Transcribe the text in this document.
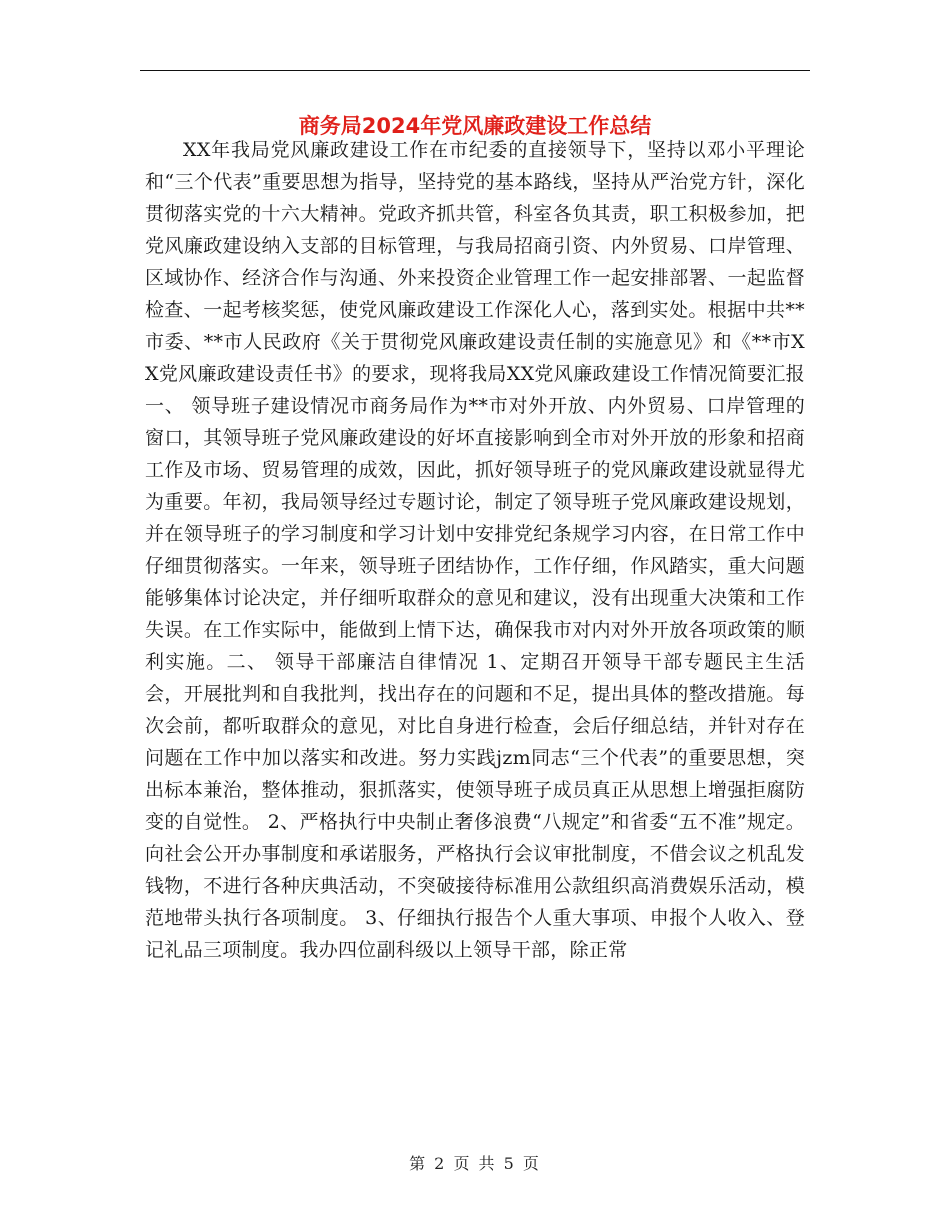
商务局2024年党风廉政建设工作总结

XX年我局党风廉政建设工作在市纪委的直接领导下，坚持以邓小平理论和“三个代表”重要思想为指导，坚持党的基本路线，坚持从严治党方针，深化贯彻落实党的十六大精神。党政齐抓共管，科室各负其责，职工积极参加，把党风廉政建设纳入支部的目标管理，与我局招商引资、内外贸易、口岸管理、区域协作、经济合作与沟通、外来投资企业管理工作一起安排部署、一起监督检查、一起考核奖惩，使党风廉政建设工作深化人心，落到实处。根据中共**市委、**市人民政府《关于贯彻党风廉政建设责任制的实施意见》和《**市XX党风廉政建设责任书》的要求，现将我局XX党风廉政建设工作情况简要汇报一、 领导班子建设情况市商务局作为**市对外开放、内外贸易、口岸管理的窗口，其领导班子党风廉政建设的好坏直接影响到全市对外开放的形象和招商工作及市场、贸易管理的成效，因此，抓好领导班子的党风廉政建设就显得尤为重要。年初，我局领导经过专题讨论，制定了领导班子党风廉政建设规划，并在领导班子的学习制度和学习计划中安排党纪条规学习内容，在日常工作中仔细贯彻落实。一年来，领导班子团结协作，工作仔细，作风踏实，重大问题能够集体讨论决定，并仔细听取群众的意见和建议，没有出现重大决策和工作失误。在工作实际中，能做到上情下达，确保我市对内对外开放各项政策的顺利实施。二、 领导干部廉洁自律情况 1、定期召开领导干部专题民主生活会，开展批判和自我批判，找出存在的问题和不足，提出具体的整改措施。每次会前，都听取群众的意见，对比自身进行检查，会后仔细总结，并针对存在问题在工作中加以落实和改进。努力实践jzm同志“三个代表”的重要思想，突出标本兼治，整体推动，狠抓落实，使领导班子成员真正从思想上增强拒腐防变的自觉性。 2、严格执行中央制止奢侈浪费“八规定”和省委“五不准”规定。向社会公开办事制度和承诺服务，严格执行会议审批制度，不借会议之机乱发钱物，不进行各种庆典活动，不突破接待标准用公款组织高消费娱乐活动，模范地带头执行各项制度。 3、仔细执行报告个人重大事项、申报个人收入、登记礼品三项制度。我办四位副科级以上领导干部，除正常

第 2 页 共 5 页
